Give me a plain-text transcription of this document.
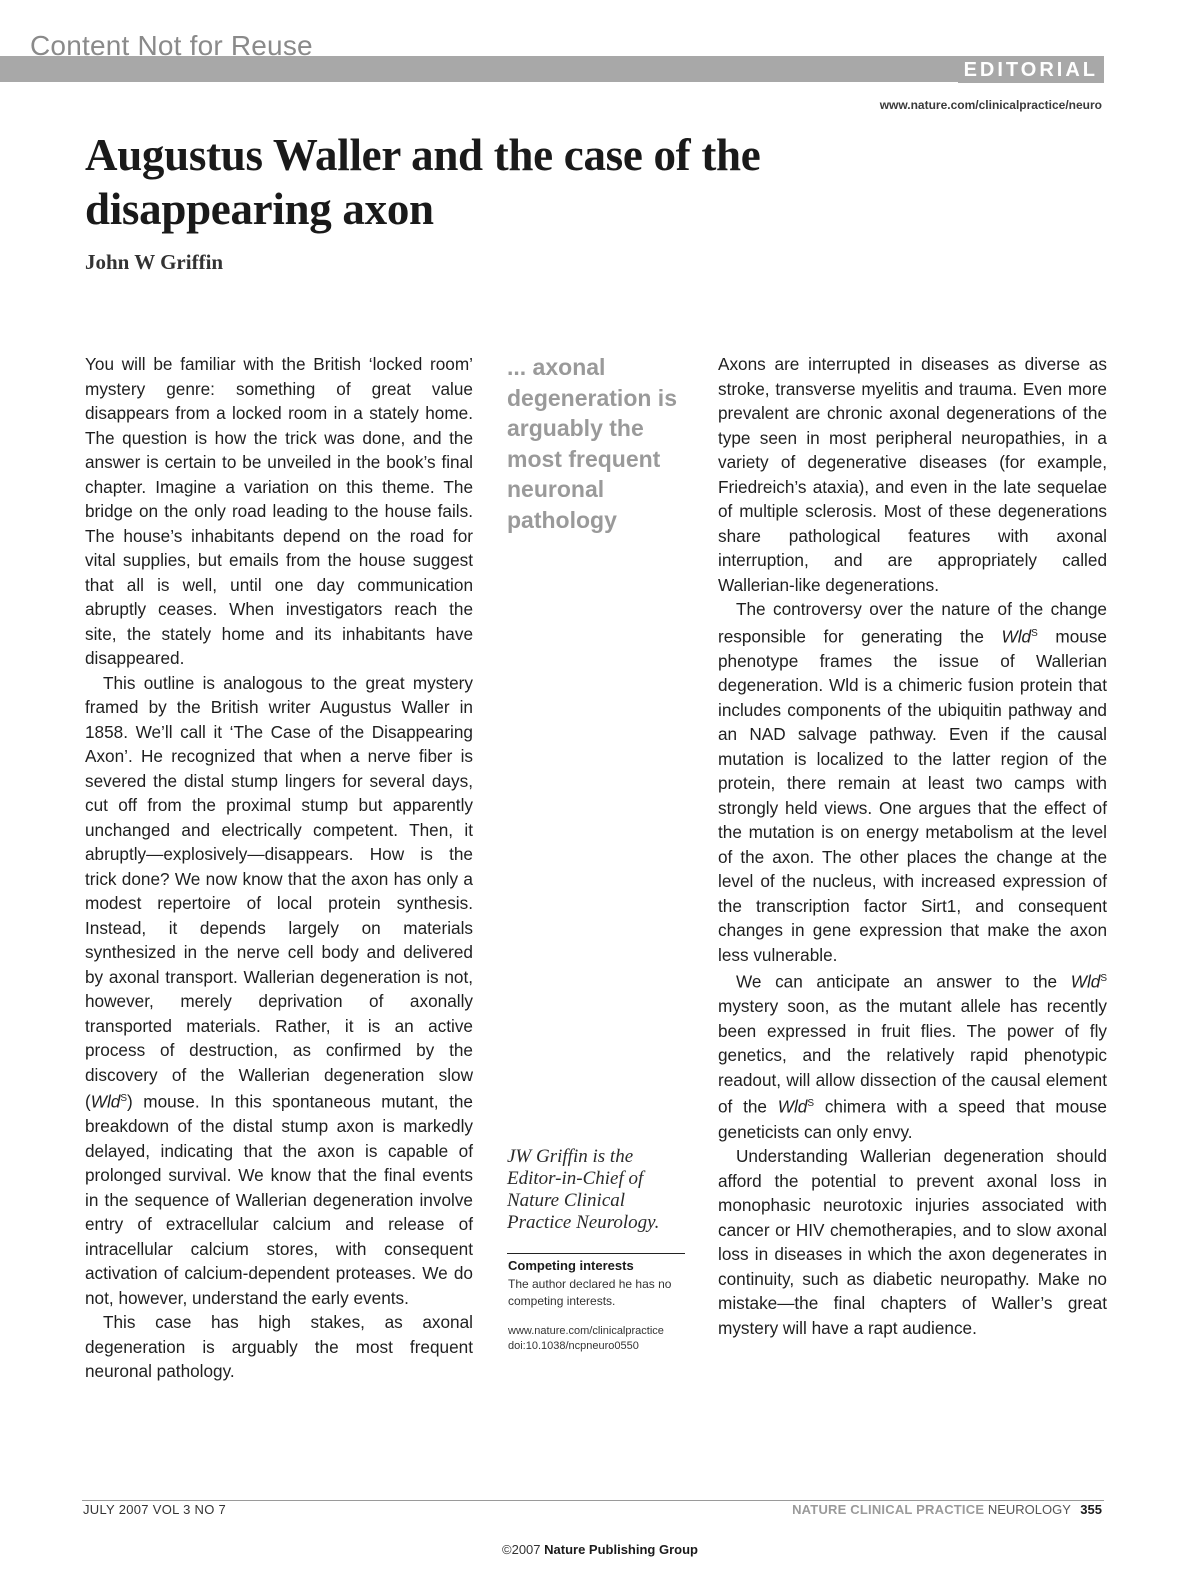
Content Not for Reuse
EDITORIAL
www.nature.com/clinicalpractice/neuro
Augustus Waller and the case of the disappearing axon
John W Griffin

You will be familiar with the British ‘locked room’ mystery genre: something of great value disappears from a locked room in a stately home. The question is how the trick was done, and the answer is certain to be unveiled in the book’s final chapter. Imagine a variation on this theme. The bridge on the only road leading to the house fails. The house’s inhabitants depend on the road for vital supplies, but emails from the house suggest that all is well, until one day communication abruptly ceases. When investigators reach the site, the stately home and its inhabitants have disappeared.

This outline is analogous to the great mystery framed by the British writer Augustus Waller in 1858. We’ll call it ‘The Case of the Disappearing Axon’. He recognized that when a nerve fiber is severed the distal stump lingers for several days, cut off from the proximal stump but apparently unchanged and electrically competent. Then, it abruptly—explosively—disappears. How is the trick done? We now know that the axon has only a modest repertoire of local protein synthesis. Instead, it depends largely on materials synthesized in the nerve cell body and delivered by axonal transport. Wallerian degeneration is not, however, merely deprivation of axonally transported materials. Rather, it is an active process of destruction, as confirmed by the discovery of the Wallerian degeneration slow (Wld$^S$) mouse. In this spontaneous mutant, the breakdown of the distal stump axon is markedly delayed, indicating that the axon is capable of prolonged survival. We know that the final events in the sequence of Wallerian degeneration involve entry of extracellular calcium and release of intracellular calcium stores, with consequent activation of calcium-dependent proteases. We do not, however, understand the early events.

This case has high stakes, as axonal degeneration is arguably the most frequent neuronal pathology.

... axonal degeneration is arguably the most frequent neuronal pathology
JW Griffin is the Editor-in-Chief of Nature Clinical Practice Neurology.
Competing interests
The author declared he has no competing interests.
www.nature.com/clinicalpractice
doi:10.1038/ncpneuro0550

Axons are interrupted in diseases as diverse as stroke, transverse myelitis and trauma. Even more prevalent are chronic axonal degenerations of the type seen in most peripheral neuropathies, in a variety of degenerative diseases (for example, Friedreich’s ataxia), and even in the late sequelae of multiple sclerosis. Most of these degenerations share pathological features with axonal interruption, and are appropriately called Wallerian-like degenerations.

The controversy over the nature of the change responsible for generating the Wld$^S$ mouse phenotype frames the issue of Wallerian degeneration. Wld is a chimeric fusion protein that includes components of the ubiquitin pathway and an NAD salvage pathway. Even if the causal mutation is localized to the latter region of the protein, there remain at least two camps with strongly held views. One argues that the effect of the mutation is on energy metabolism at the level of the axon. The other places the change at the level of the nucleus, with increased expression of the transcription factor Sirt1, and consequent changes in gene expression that make the axon less vulnerable.

We can anticipate an answer to the Wld$^S$ mystery soon, as the mutant allele has recently been expressed in fruit flies. The power of fly genetics, and the relatively rapid phenotypic readout, will allow dissection of the causal element of the Wld$^S$ chimera with a speed that mouse geneticists can only envy.

Understanding Wallerian degeneration should afford the potential to prevent axonal loss in monophasic neurotoxic injuries associated with cancer or HIV chemotherapies, and to slow axonal loss in diseases in which the axon degenerates in continuity, such as diabetic neuropathy. Make no mistake—the final chapters of Waller’s great mystery will have a rapt audience.

JULY 2007 VOL 3 NO 7	NATURE CLINICAL PRACTICE NEUROLOGY 355
©2007 Nature Publishing Group
